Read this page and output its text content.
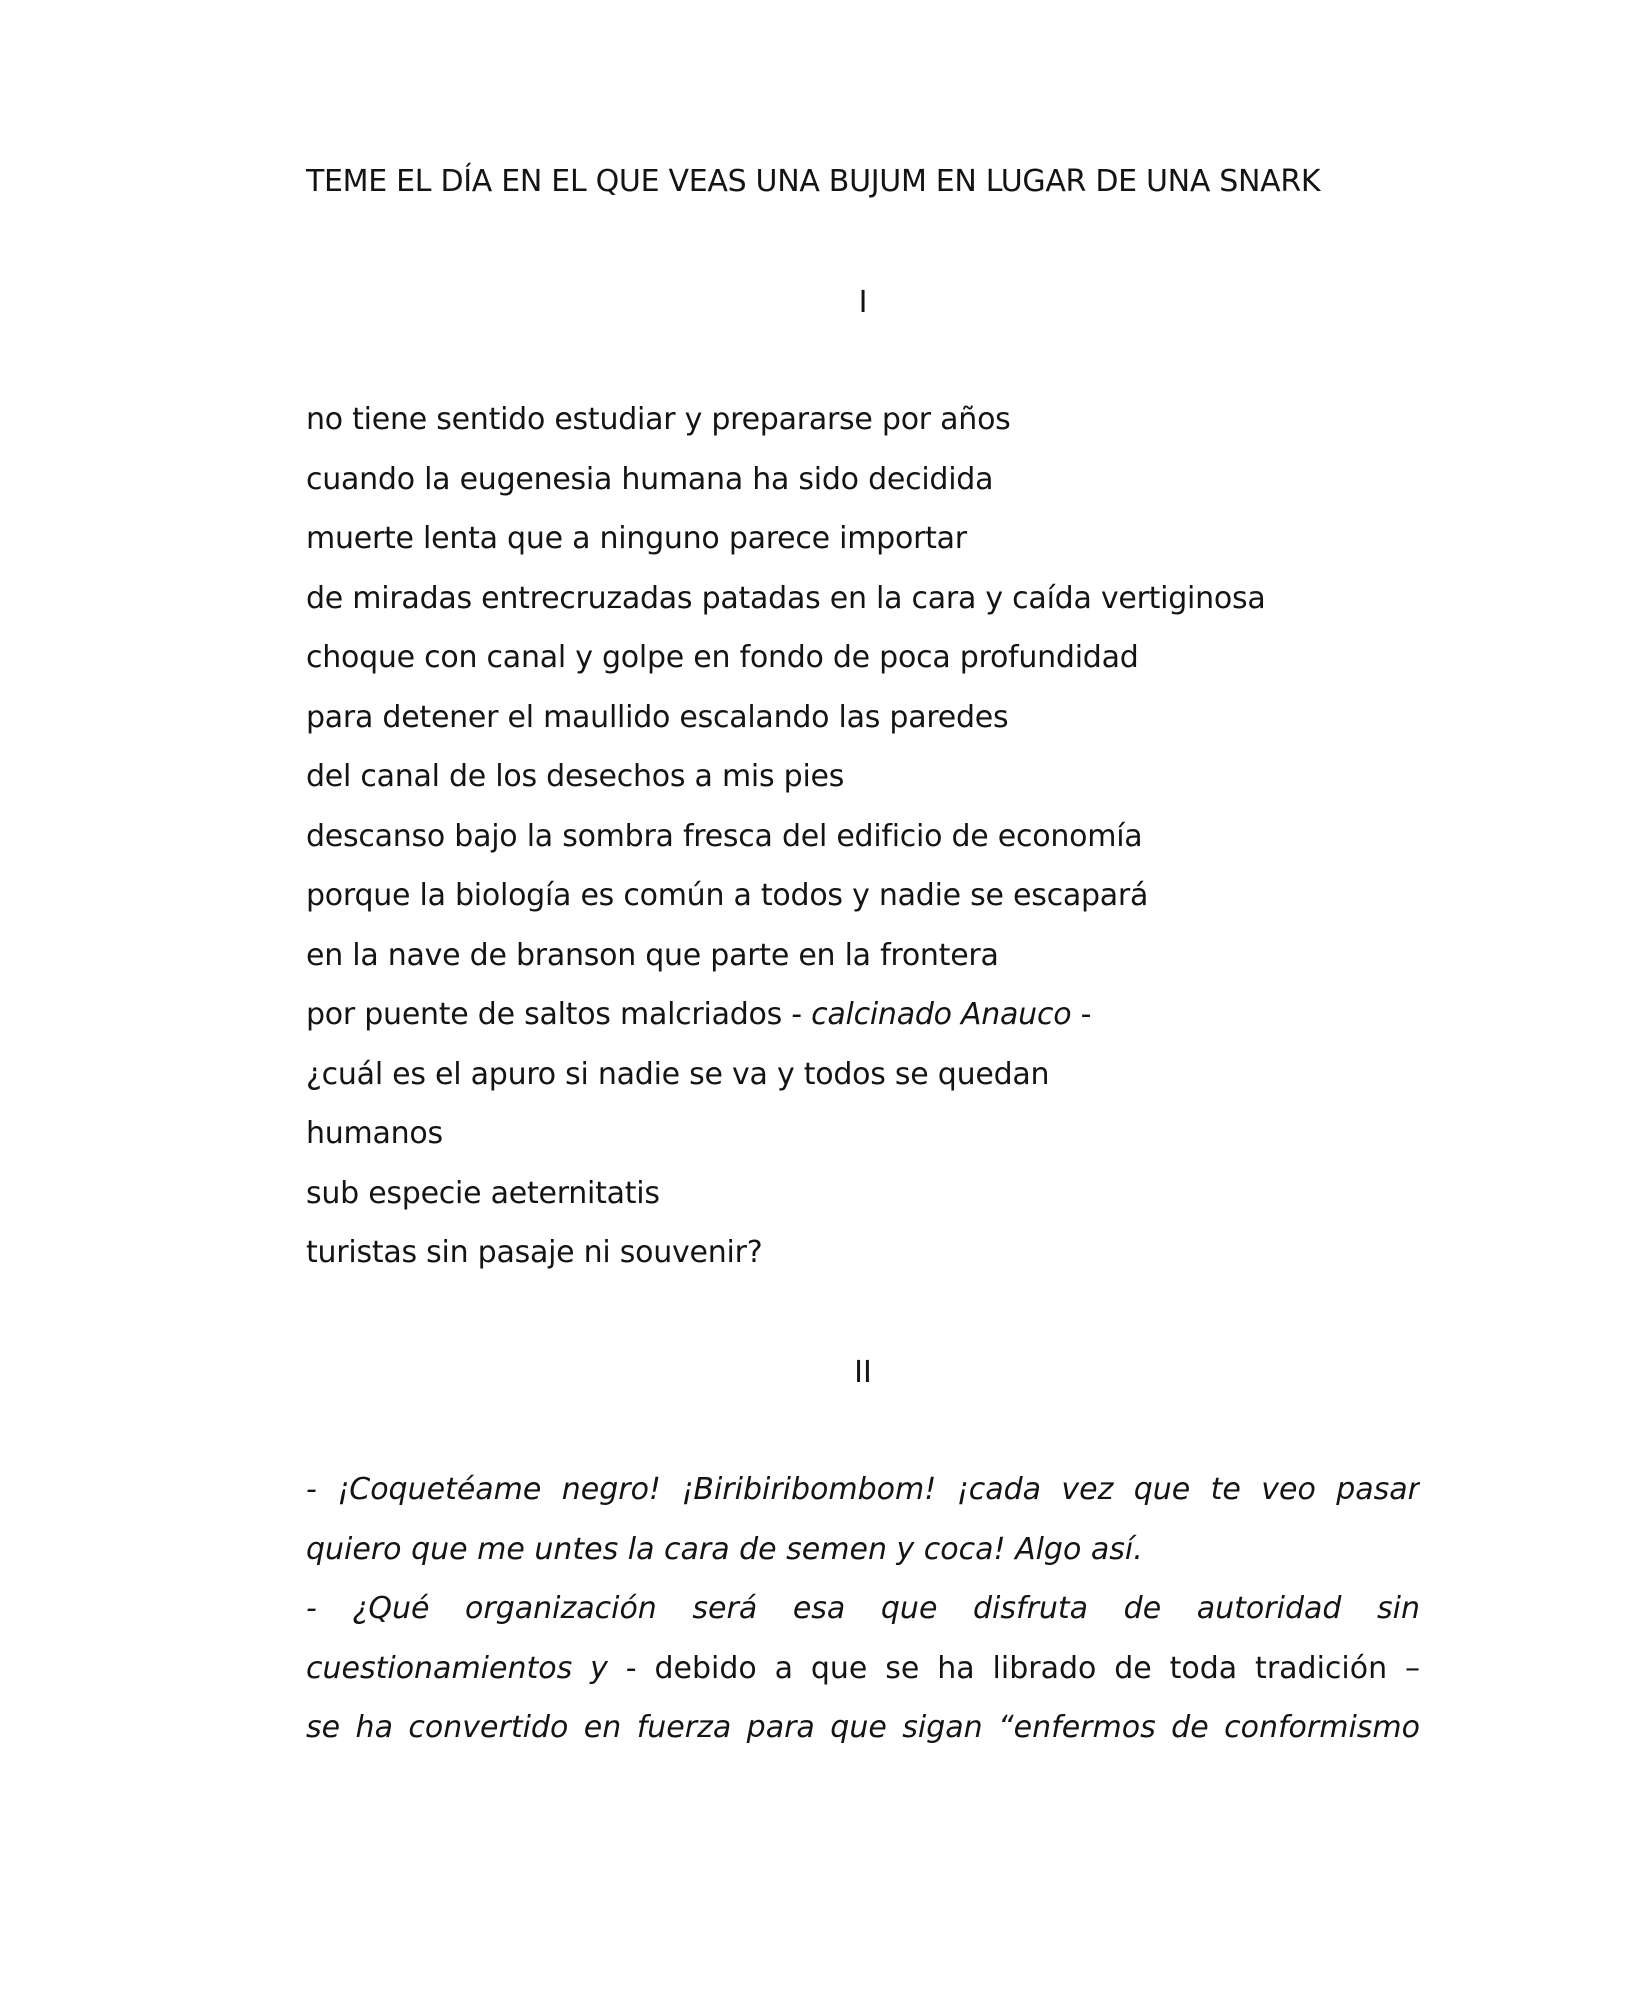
TEME EL DÍA EN EL QUE VEAS UNA BUJUM EN LUGAR DE UNA SNARK
I
no tiene sentido estudiar y prepararse por años
cuando la eugenesia humana ha sido decidida
muerte lenta que a ninguno parece importar
de miradas entrecruzadas patadas en la cara y caída vertiginosa
choque con canal y golpe en fondo de poca profundidad
para detener el maullido escalando las paredes
del canal de los desechos a mis pies
descanso bajo la sombra fresca del edificio de economía
porque la biología es común a todos y nadie se escapará
en la nave de branson que parte en la frontera
por puente de saltos malcriados - calcinado Anauco -
¿cuál es el apuro si nadie se va y todos se quedan
humanos
sub especie aeternitatis
turistas sin pasaje ni souvenir?
II
- ¡Coquetéame negro! ¡Biribiribombom! ¡cada vez que te veo pasar
quiero que me untes la cara de semen y coca! Algo así.
- ¿Qué organización será esa que disfruta de autoridad sin
cuestionamientos y - debido a que se ha librado de toda tradición –
se ha convertido en fuerza para que sigan “enfermos de conformismo
